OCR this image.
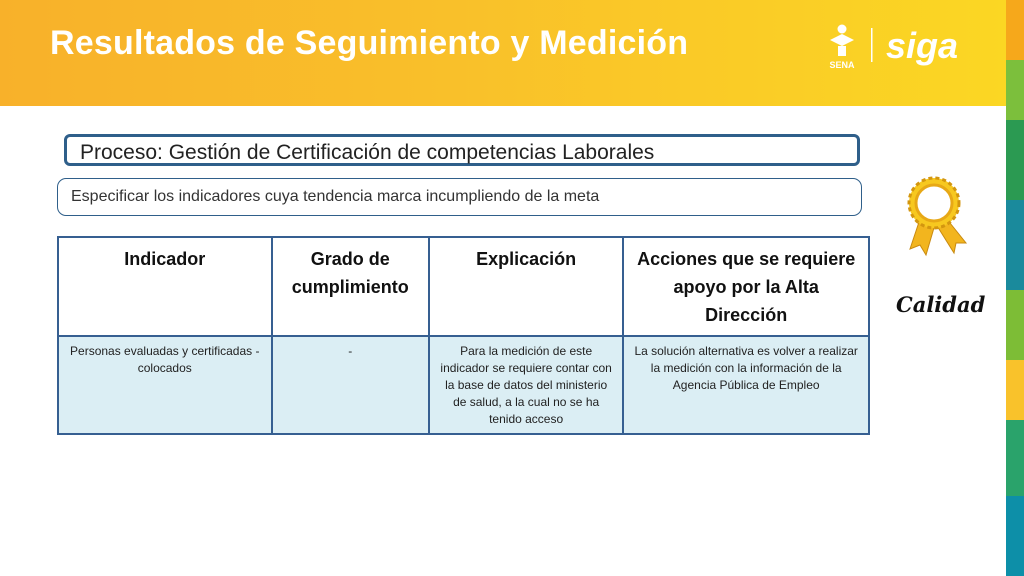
Resultados de Seguimiento y Medición
SENA siga
Proceso: Gestión de Certificación de competencias Laborales
Especificar los indicadores cuya tendencia marca incumpliendo de la meta
Indicador	Grado de cumplimiento	Explicación	Acciones que se requiere apoyo por la Alta Dirección
Personas evaluadas y certificadas - colocados	-	Para la medición de este indicador se requiere contar con la base de datos del ministerio de salud, a la cual no se ha tenido acceso	La solución alternativa es volver a realizar la medición con la información de la Agencia Pública de Empleo
Calidad
